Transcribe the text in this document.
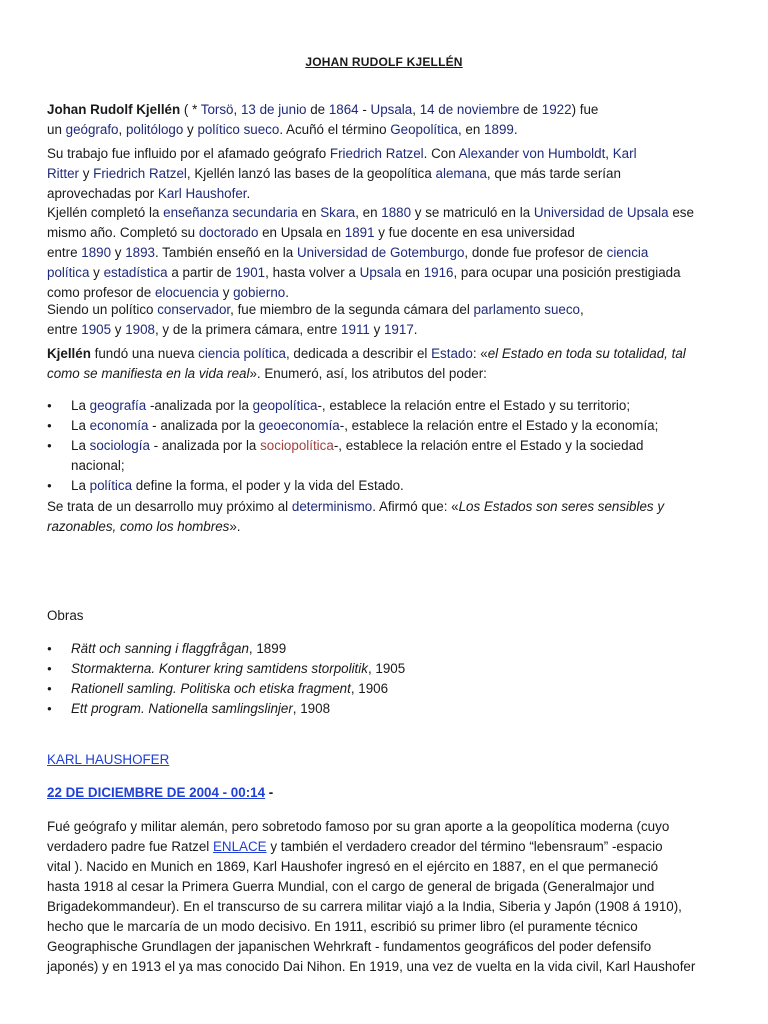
JOHAN RUDOLF KJELLÉN
Johan Rudolf Kjellén ( * Torsö, 13 de junio de 1864 - Upsala, 14 de noviembre de 1922) fue
un geógrafo, politólogo y político sueco. Acuñó el término Geopolítica, en 1899.
Su trabajo fue influido por el afamado geógrafo Friedrich Ratzel. Con Alexander von Humboldt, Karl
Ritter y Friedrich Ratzel, Kjellén lanzó las bases de la geopolítica alemana, que más tarde serían
aprovechadas por Karl Haushofer.
Kjellén completó la enseñanza secundaria en Skara, en 1880 y se matriculó en la Universidad de Upsala ese
mismo año. Completó su doctorado en Upsala en 1891 y fue docente en esa universidad
entre 1890 y 1893. También enseñó en la Universidad de Gotemburgo, donde fue profesor de ciencia
política y estadística a partir de 1901, hasta volver a Upsala en 1916, para ocupar una posición prestigiada
como profesor de elocuencia y gobierno.
Siendo un político conservador, fue miembro de la segunda cámara del parlamento sueco,
entre 1905 y 1908, y de la primera cámara, entre 1911 y 1917.
Kjellén fundó una nueva ciencia política, dedicada a describir el Estado: «el Estado en toda su totalidad, tal
como se manifiesta en la vida real». Enumeró, así, los atributos del poder:
● La geografía -analizada por la geopolítica-, establece la relación entre el Estado y su territorio;
● La economía - analizada por la geoeconomía-, establece la relación entre el Estado y la economía;
● La sociología - analizada por la sociopolítica-, establece la relación entre el Estado y la sociedad
nacional;
● La política define la forma, el poder y la vida del Estado.
Se trata de un desarrollo muy próximo al determinismo. Afirmó que: «Los Estados son seres sensibles y
razonables, como los hombres».
Obras
● Rätt och sanning i flaggfrågan, 1899
● Stormakterna. Konturer kring samtidens storpolitik, 1905
● Rationell samling. Politiska och etiska fragment, 1906
● Ett program. Nationella samlingslinjer, 1908
KARL HAUSHOFER
22 DE DICIEMBRE DE 2004 - 00:14 -
Fué geógrafo y militar alemán, pero sobretodo famoso por su gran aporte a la geopolítica moderna (cuyo
verdadero padre fue Ratzel ENLACE y también el verdadero creador del término “lebensraum” -espacio
vital ). Nacido en Munich en 1869, Karl Haushofer ingresó en el ejército en 1887, en el que permaneció
hasta 1918 al cesar la Primera Guerra Mundial, con el cargo de general de brigada (Generalmajor und
Brigadekommandeur). En el transcurso de su carrera militar viajó a la India, Siberia y Japón (1908 á 1910),
hecho que le marcaría de un modo decisivo. En 1911, escribió su primer libro (el puramente técnico
Geographische Grundlagen der japanischen Wehrkraft - fundamentos geográficos del poder defensifo
japonés) y en 1913 el ya mas conocido Dai Nihon. En 1919, una vez de vuelta en la vida civil, Karl Haushofer
